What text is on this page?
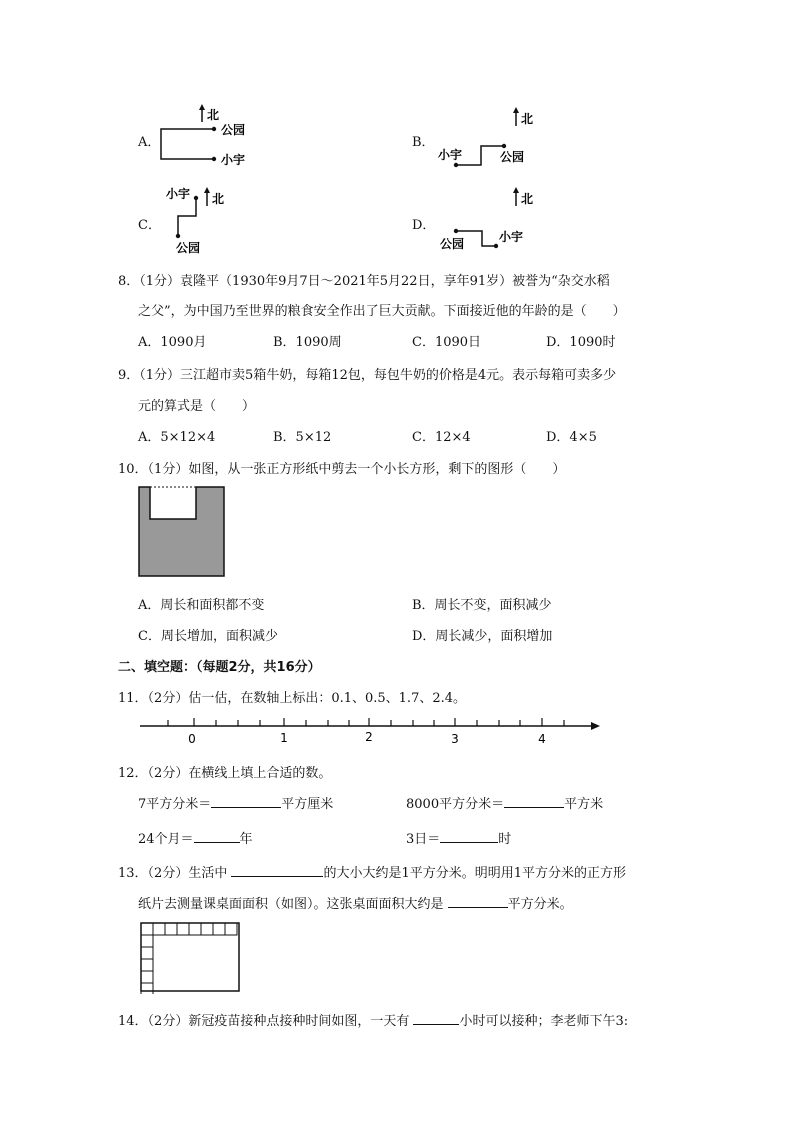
A．
北
公园
小宇
B．
北
小宇	公园
C．
北
小宇
公园
D．
北
公园	小宇
8．（1分）袁隆平（1930年9月7日～2021年5月22日，享年91岁）被誉为“杂交水稻
之父”，为中国乃至世界的粮食安全作出了巨大贡献。下面接近他的年龄的是（　　）
A．1090月	B．1090周	C．1090日	D．1090时
9．（1分）三江超市卖5箱牛奶，每箱12包，每包牛奶的价格是4元。表示每箱可卖多少
元的算式是（　　）
A．5×12×4	B．5×12	C．12×4	D．4×5
10．（1分）如图，从一张正方形纸中剪去一个小长方形，剩下的图形（　　）
A．周长和面积都不变	B．周长不变，面积减少
C．周长增加，面积减少	D．周长减少，面积增加
二、填空题：（每题2分，共16分）
11．（2分）估一估，在数轴上标出：0.1、0.5、1.7、2.4。
0	1	2	3	4
12．（2分）在横线上填上合适的数。
7平方分米＝	平方厘米	8000平方分米＝	平方米
24个月＝	年	3日＝	时
13．（2分）生活中	的大小大约是1平方分米。明明用1平方分米的正方形
纸片去测量课桌面面积（如图）。这张桌面面积大约是	平方分米。
14．（2分）新冠疫苗接种点接种时间如图，一天有	小时可以接种；李老师下午3:
